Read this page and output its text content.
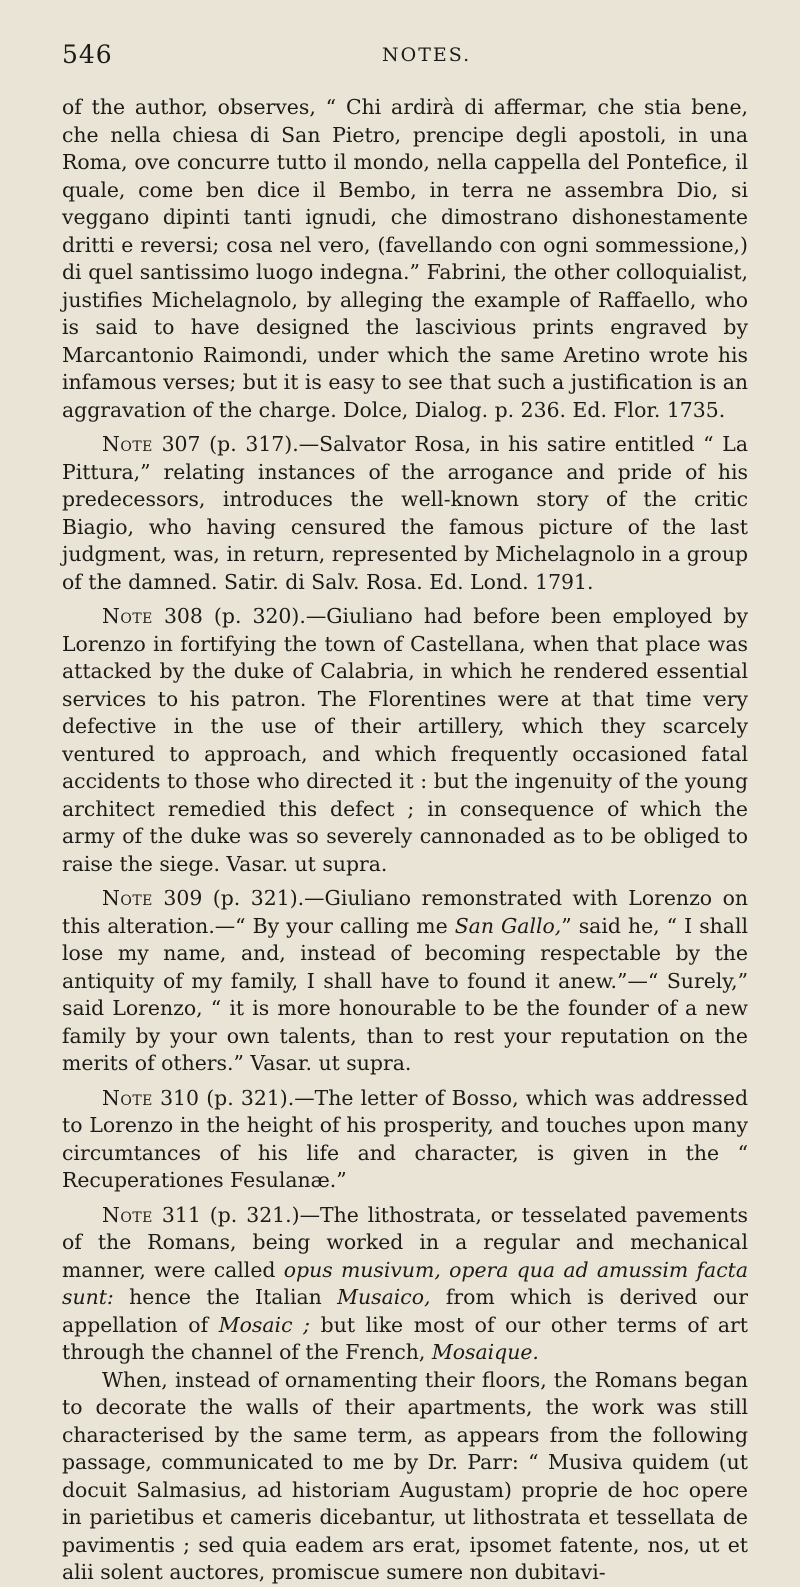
546	NOTES.

of the author, observes, “ Chi ardirà di affermar, che stia bene, che nella chiesa di San Pietro, prencipe degli apostoli, in una Roma, ove concurre tutto il mondo, nella cappella del Pontefice, il quale, come ben dice il Bembo, in terra ne assembra Dio, si veggano dipinti tanti ignudi, che dimostrano dishonestamente dritti e reversi; cosa nel vero, (favellando con ogni sommessione,) di quel santissimo luogo indegna.” Fabrini, the other colloquialist, justifies Michelagnolo, by alleging the example of Raffaello, who is said to have designed the lascivious prints engraved by Marcantonio Raimondi, under which the same Aretino wrote his infamous verses; but it is easy to see that such a justification is an aggravation of the charge. Dolce, Dialog. p. 236. Ed. Flor. 1735.

Note 307 (p. 317).—Salvator Rosa, in his satire entitled “ La Pittura,” relating instances of the arrogance and pride of his predecessors, introduces the well-known story of the critic Biagio, who having censured the famous picture of the last judgment, was, in return, represented by Michelagnolo in a group of the damned. Satir. di Salv. Rosa. Ed. Lond. 1791.

Note 308 (p. 320).—Giuliano had before been employed by Lorenzo in fortifying the town of Castellana, when that place was attacked by the duke of Calabria, in which he rendered essential services to his patron. The Florentines were at that time very defective in the use of their artillery, which they scarcely ventured to approach, and which frequently occasioned fatal accidents to those who directed it : but the ingenuity of the young architect remedied this defect ; in consequence of which the army of the duke was so severely cannonaded as to be obliged to raise the siege. Vasar. ut supra.

Note 309 (p. 321).—Giuliano remonstrated with Lorenzo on this alteration.—“ By your calling me San Gallo,” said he, “ I shall lose my name, and, instead of becoming respectable by the antiquity of my family, I shall have to found it anew.”—“ Surely,” said Lorenzo, “ it is more honourable to be the founder of a new family by your own talents, than to rest your reputation on the merits of others.” Vasar. ut supra.

Note 310 (p. 321).—The letter of Bosso, which was addressed to Lorenzo in the height of his prosperity, and touches upon many circumtances of his life and character, is given in the “ Recuperationes Fesulanæ.”

Note 311 (p. 321.)—The lithostrata, or tesselated pavements of the Romans, being worked in a regular and mechanical manner, were called opus musivum, opera qua ad amussim facta sunt: hence the Italian Musaico, from which is derived our appellation of Mosaic ; but like most of our other terms of art through the channel of the French, Mosaique.

When, instead of ornamenting their floors, the Romans began to decorate the walls of their apartments, the work was still characterised by the same term, as appears from the following passage, communicated to me by Dr. Parr: “ Musiva quidem (ut docuit Salmasius, ad historiam Augustam) proprie de hoc opere in parietibus et cameris dicebantur, ut lithostrata et tessellata de pavimentis ; sed quia eadem ars erat, ipsomet fatente, nos, ut et alii solent auctores, promiscue sumere non dubitavi-
